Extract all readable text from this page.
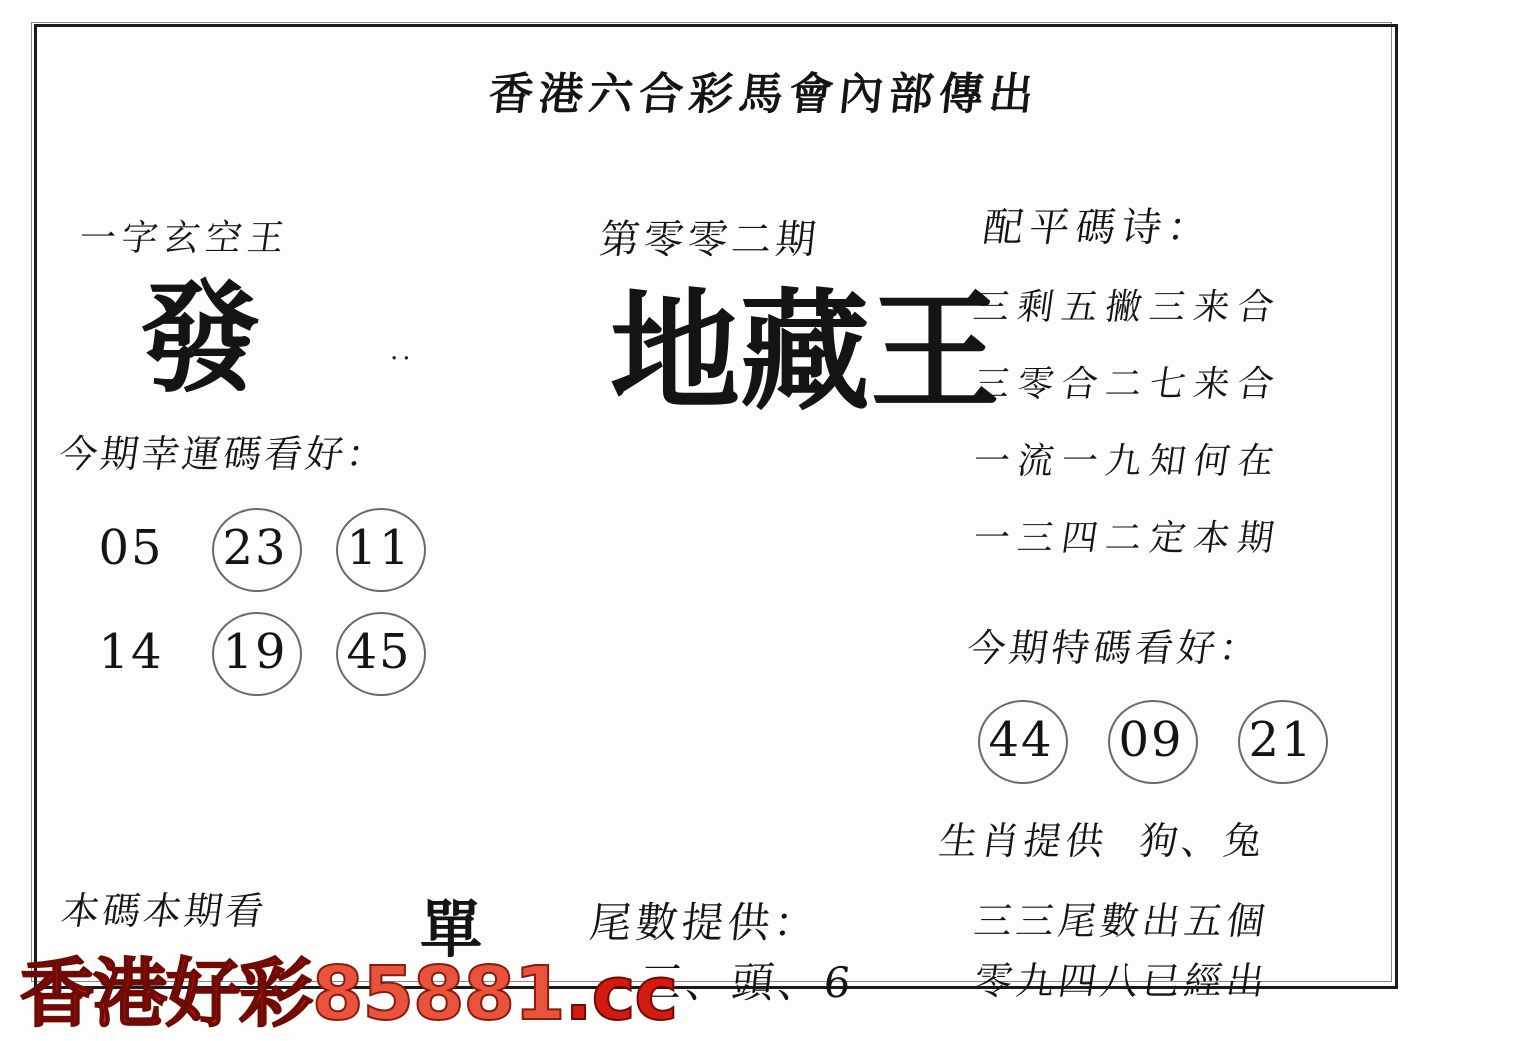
香港六合彩馬會內部傳出
一字玄空王
發	..
今期幸運碼看好：
05	23	11
14	19	45
本碼本期看 單
第零零二期
地藏王
尾數提供：
三、頭、6
配平碼诗：
三剩五撇三来合
三零合二七来合
一流一九知何在
一三四二定本期
今期特碼看好：
44	09	21
生肖提供  狗、兔
三三尾數出五個
零九四八已經出
香港好彩85881.cc
